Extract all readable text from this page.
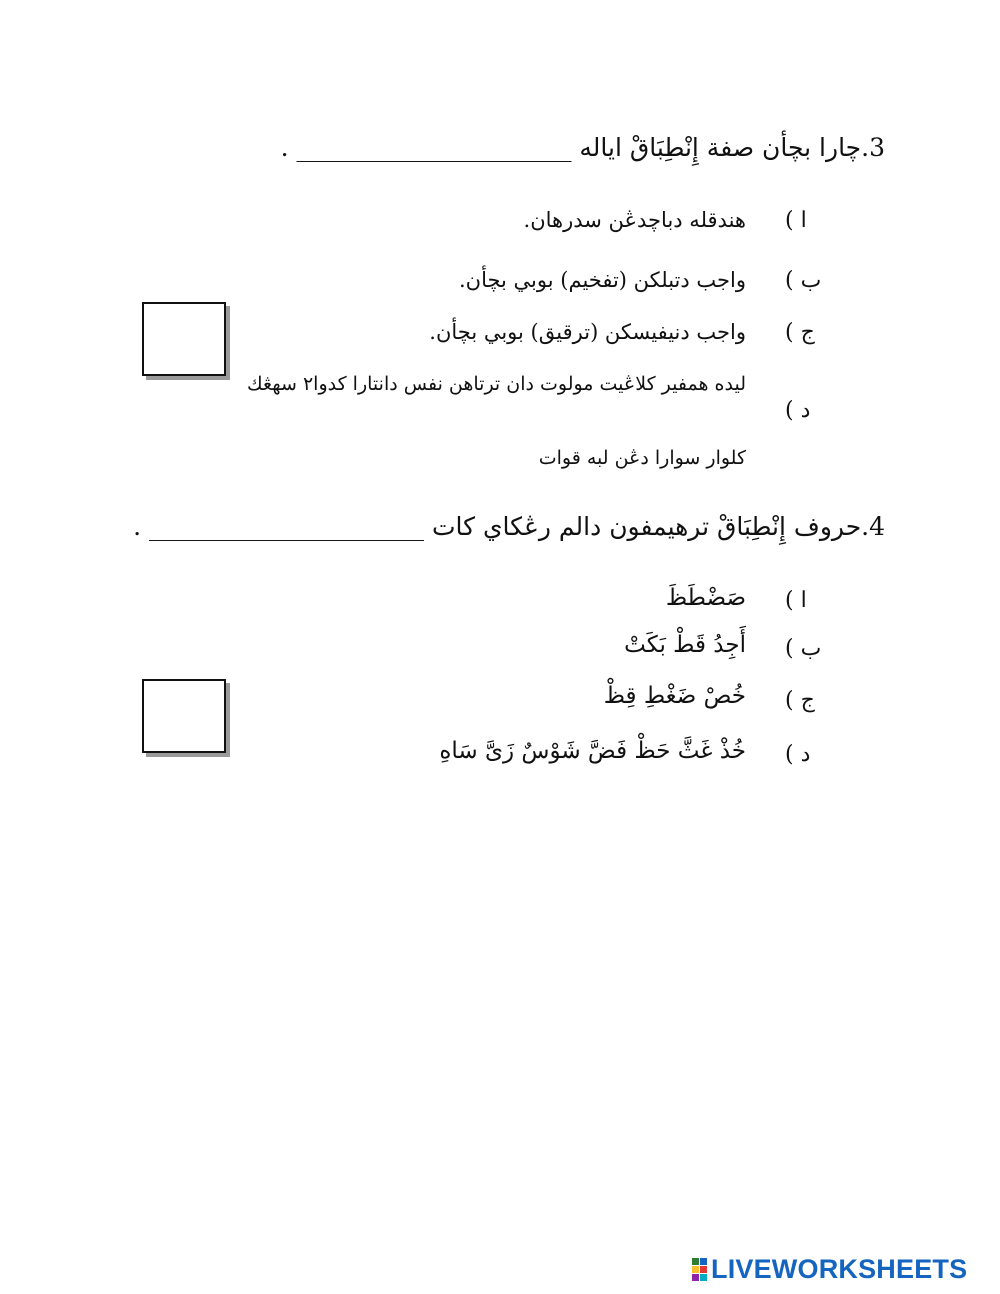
3.چارا بچأن صفة إِنْطِبَاقْ اياله ______________________ .
ا )
هندقله دباچدڠن سدرهان.
ب )
واجب دتبلکن (تفخيم) بوبي بچأن.
ج )
واجب دنيفيسکن (ترقيق) بوبي بچأن.
د )
ليده همفير کلاڠيت مولوت دان ترتاهن نفس دانتارا کدوا٢ سهڠك
کلوار سوارا دڠن لبه قوات
4.حروف إِنْطِبَاقْ ترهيمفون دالم رڠکاي کات ______________________ .
ا )
صَضْطَظَ
ب )
أَجِدُ قَطْ بَكَتْ
ج )
خُصْ ضَغْطِ قِظْ
د )
خُذْ غَثَّ حَظْ فَضَّ شَوْسٌ زَىَّ سَاهِ
LIVEWORKSHEETS
